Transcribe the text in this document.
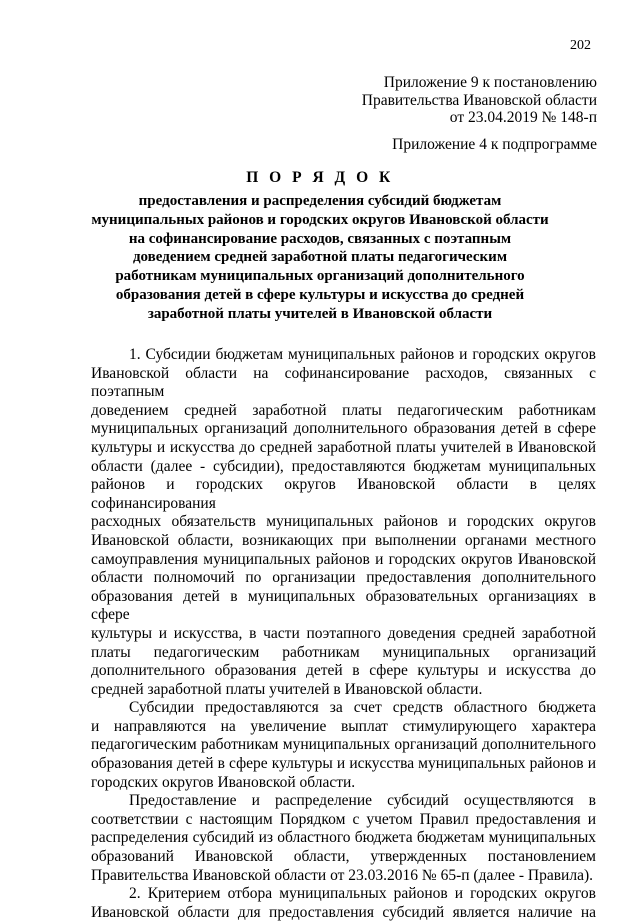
202
Приложение 9 к постановлению
Правительства Ивановской области
от 23.04.2019 № 148-п
Приложение 4 к подпрограмме
П О Р Я Д О К
предоставления и распределения субсидий бюджетам
муниципальных районов и городских округов Ивановской области
на софинансирование расходов, связанных с поэтапным
доведением средней заработной платы педагогическим
работникам муниципальных организаций дополнительного
образования детей в сфере культуры и искусства до средней
заработной платы учителей в Ивановской области
1. Субсидии бюджетам муниципальных районов и городских округов
Ивановской области на софинансирование расходов, связанных с поэтапным
доведением средней заработной платы педагогическим работникам
муниципальных организаций дополнительного образования детей в сфере
культуры и искусства до средней заработной платы учителей в Ивановской
области (далее - субсидии), предоставляются бюджетам муниципальных
районов и городских округов Ивановской области в целях софинансирования
расходных обязательств муниципальных районов и городских округов
Ивановской области, возникающих при выполнении органами местного
самоуправления муниципальных районов и городских округов Ивановской
области полномочий по организации предоставления дополнительного
образования детей в муниципальных образовательных организациях в сфере
культуры и искусства, в части поэтапного доведения средней заработной
платы педагогическим работникам муниципальных организаций
дополнительного образования детей в сфере культуры и искусства до
средней заработной платы учителей в Ивановской области.
Субсидии предоставляются за счет средств областного бюджета
и направляются на увеличение выплат стимулирующего характера
педагогическим работникам муниципальных организаций дополнительного
образования детей в сфере культуры и искусства муниципальных районов и
городских округов Ивановской области.
Предоставление и распределение субсидий осуществляются в
соответствии с настоящим Порядком с учетом Правил предоставления и
распределения субсидий из областного бюджета бюджетам муниципальных
образований Ивановской области, утвержденных постановлением
Правительства Ивановской области от 23.03.2016 № 65-п (далее - Правила).
2. Критерием отбора муниципальных районов и городских округов
Ивановской области для предоставления субсидий является наличие на
